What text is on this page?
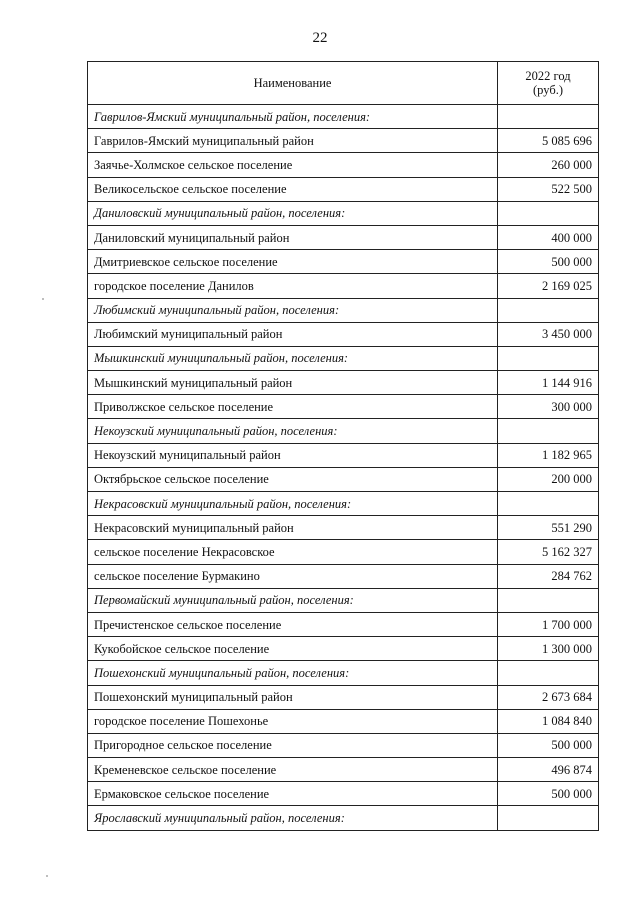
22
Наименование	2022 год
(руб.)

Гаврилов-Ямский муниципальный район, поселения:	
Гаврилов-Ямский муниципальный район	5 085 696
Заячье-Холмское сельское поселение	260 000
Великосельское сельское поселение	522 500
Даниловский муниципальный район, поселения:	
Даниловский муниципальный район	400 000
Дмитриевское сельское поселение	500 000
городское поселение Данилов	2 169 025
Любимский муниципальный район, поселения:	
Любимский муниципальный район	3 450 000
Мышкинский муниципальный район, поселения:	
Мышкинский муниципальный район	1 144 916
Приволжское сельское поселение	300 000
Некоузский муниципальный район, поселения:	
Некоузский муниципальный район	1 182 965
Октябрьское сельское поселение	200 000
Некрасовский муниципальный район, поселения:	
Некрасовский муниципальный район	551 290
сельское поселение Некрасовское	5 162 327
сельское поселение Бурмакино	284 762
Первомайский муниципальный район, поселения:	
Пречистенское сельское поселение	1 700 000
Кукобойское сельское поселение	1 300 000
Пошехонский муниципальный район, поселения:	
Пошехонский муниципальный район	2 673 684
городское поселение Пошехонье	1 084 840
Пригородное сельское поселение	500 000
Кременевское сельское поселение	496 874
Ермаковское сельское поселение	500 000
Ярославский муниципальный район, поселения:	
